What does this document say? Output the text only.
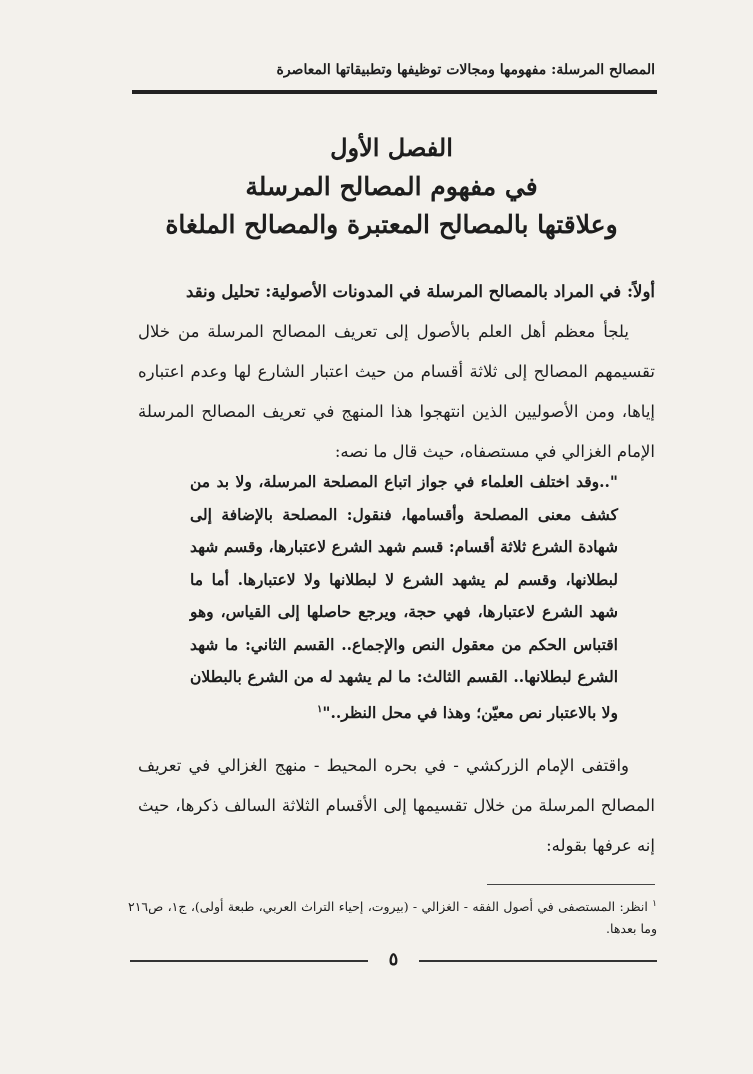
المصالح المرسلة: مفهومها ومجالات توظيفها وتطبيقاتها المعاصرة
الفصل الأول
في مفهوم المصالح المرسلة
وعلاقتها بالمصالح المعتبرة والمصالح الملغاة

أولاً: في المراد بالمصالح المرسلة في المدونات الأصولية: تحليل ونقد

يلجأ معظم أهل العلم بالأصول إلى تعريف المصالح المرسلة من خلال تقسيمهم المصالح إلى ثلاثة أقسام من حيث اعتبار الشارع لها وعدم اعتباره إياها، ومن الأصوليين الذين انتهجوا هذا المنهج في تعريف المصالح المرسلة الإمام الغزالي في مستصفاه، حيث قال ما نصه:

"..وقد اختلف العلماء في جواز اتباع المصلحة المرسلة، ولا بد من كشف معنى المصلحة وأقسامها، فنقول: المصلحة بالإضافة إلى شهادة الشرع ثلاثة أقسام: قسم شهد الشرع لاعتبارها، وقسم شهد لبطلانها، وقسم لم يشهد الشرع لا لبطلانها ولا لاعتبارها. أما ما شهد الشرع لاعتبارها، فهي حجة، ويرجع حاصلها إلى القياس، وهو اقتباس الحكم من معقول النص والإجماع.. القسم الثاني: ما شهد الشرع لبطلانها.. القسم الثالث: ما لم يشهد له من الشرع بالبطلان ولا بالاعتبار نص معيّن؛ وهذا في محل النظر.."$^١$

واقتفى الإمام الزركشي - في بحره المحيط - منهج الغزالي في تعريف المصالح المرسلة من خلال تقسيمها إلى الأقسام الثلاثة السالف ذكرها، حيث إنه عرفها بقوله:

$^١$ انظر: المستصفى في أصول الفقه - الغزالي - (بيروت، إحياء التراث العربي، طبعة أولى)، ج١، ص٢١٦ وما بعدها.
٥
